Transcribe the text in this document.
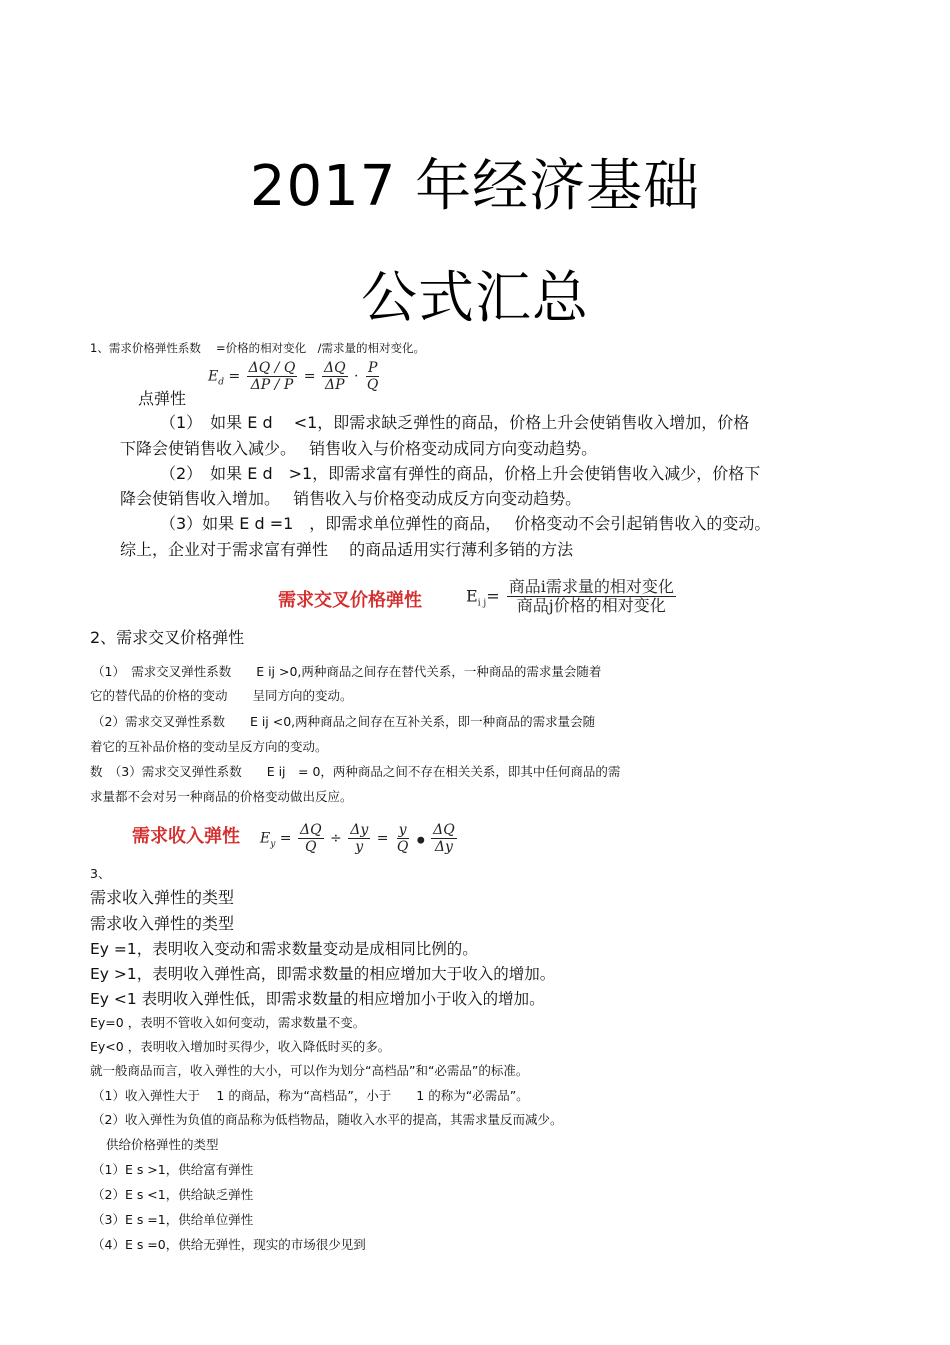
2017 年经济基础
公式汇总
1、需求价格弹性系数　 =价格的相对变化　/需求量的相对变化。
点弹性
$E_d = \frac{\Delta Q / Q}{\Delta P / P} = \frac{\Delta Q}{\Delta P} \cdot \frac{P}{Q}$
（1）　如果 E d　 <1，即需求缺乏弹性的商品，价格上升会使销售收入增加，价格
下降会使销售收入减少。　 销售收入与价格变动成同方向变动趋势。
（2）　如果 E d　>1，即需求富有弹性的商品，价格上升会使销售收入减少，价格下
降会使销售收入增加。　 销售收入与价格变动成反方向变动趋势。
（3）如果 E d =1　，即需求单位弹性的商品，　 价格变动不会引起销售收入的变动。
综上，企业对于需求富有弹性　 的商品适用实行薄利多销的方法
需求交叉价格弹性	$E_{i j}= \frac{\text{商品i需求量的相对变化}}{\text{商品j价格的相对变化}}$
2、需求交叉价格弹性
（1）　需求交叉弹性系数　　E ij >0,两种商品之间存在替代关系，一种商品的需求量会随着
它的替代品的价格的变动　　呈同方向的变动。
（2）需求交叉弹性系数　　E ij <0,两种商品之间存在互补关系，即一种商品的需求量会随
着它的互补品价格的变动呈反方向的变动。
数　（3）需求交叉弹性系数　　E ij　= 0，两种商品之间不存在相关关系，即其中任何商品的需
求量都不会对另一种商品的价格变动做出反应。
需求收入弹性 $E_y = \frac{\Delta Q}{Q} \div \frac{\Delta y}{y} = \frac{y}{Q}$ ● $\frac{\Delta Q}{\Delta y}$
3、
需求收入弹性的类型
需求收入弹性的类型
Ey =1，表明收入变动和需求数量变动是成相同比例的。
Ey >1，表明收入弹性高，即需求数量的相应增加大于收入的增加。
Ey <1 表明收入弹性低，即需求数量的相应增加小于收入的增加。
Ey=0 ，表明不管收入如何变动，需求数量不变。
Ey<0 ，表明收入增加时买得少，收入降低时买的多。
就一般商品而言，收入弹性的大小，可以作为划分“高档品”和“必需品”的标准。
（1）收入弹性大于　 1 的商品，称为“高档品”，小于　　1 的称为“必需品”。
（2）收入弹性为负值的商品称为低档物品，随收入水平的提高，其需求量反而减少。
供给价格弹性的类型
（1）E s >1，供给富有弹性
（2）E s <1，供给缺乏弹性
（3）E s =1，供给单位弹性
（4）E s =0，供给无弹性，现实的市场很少见到
